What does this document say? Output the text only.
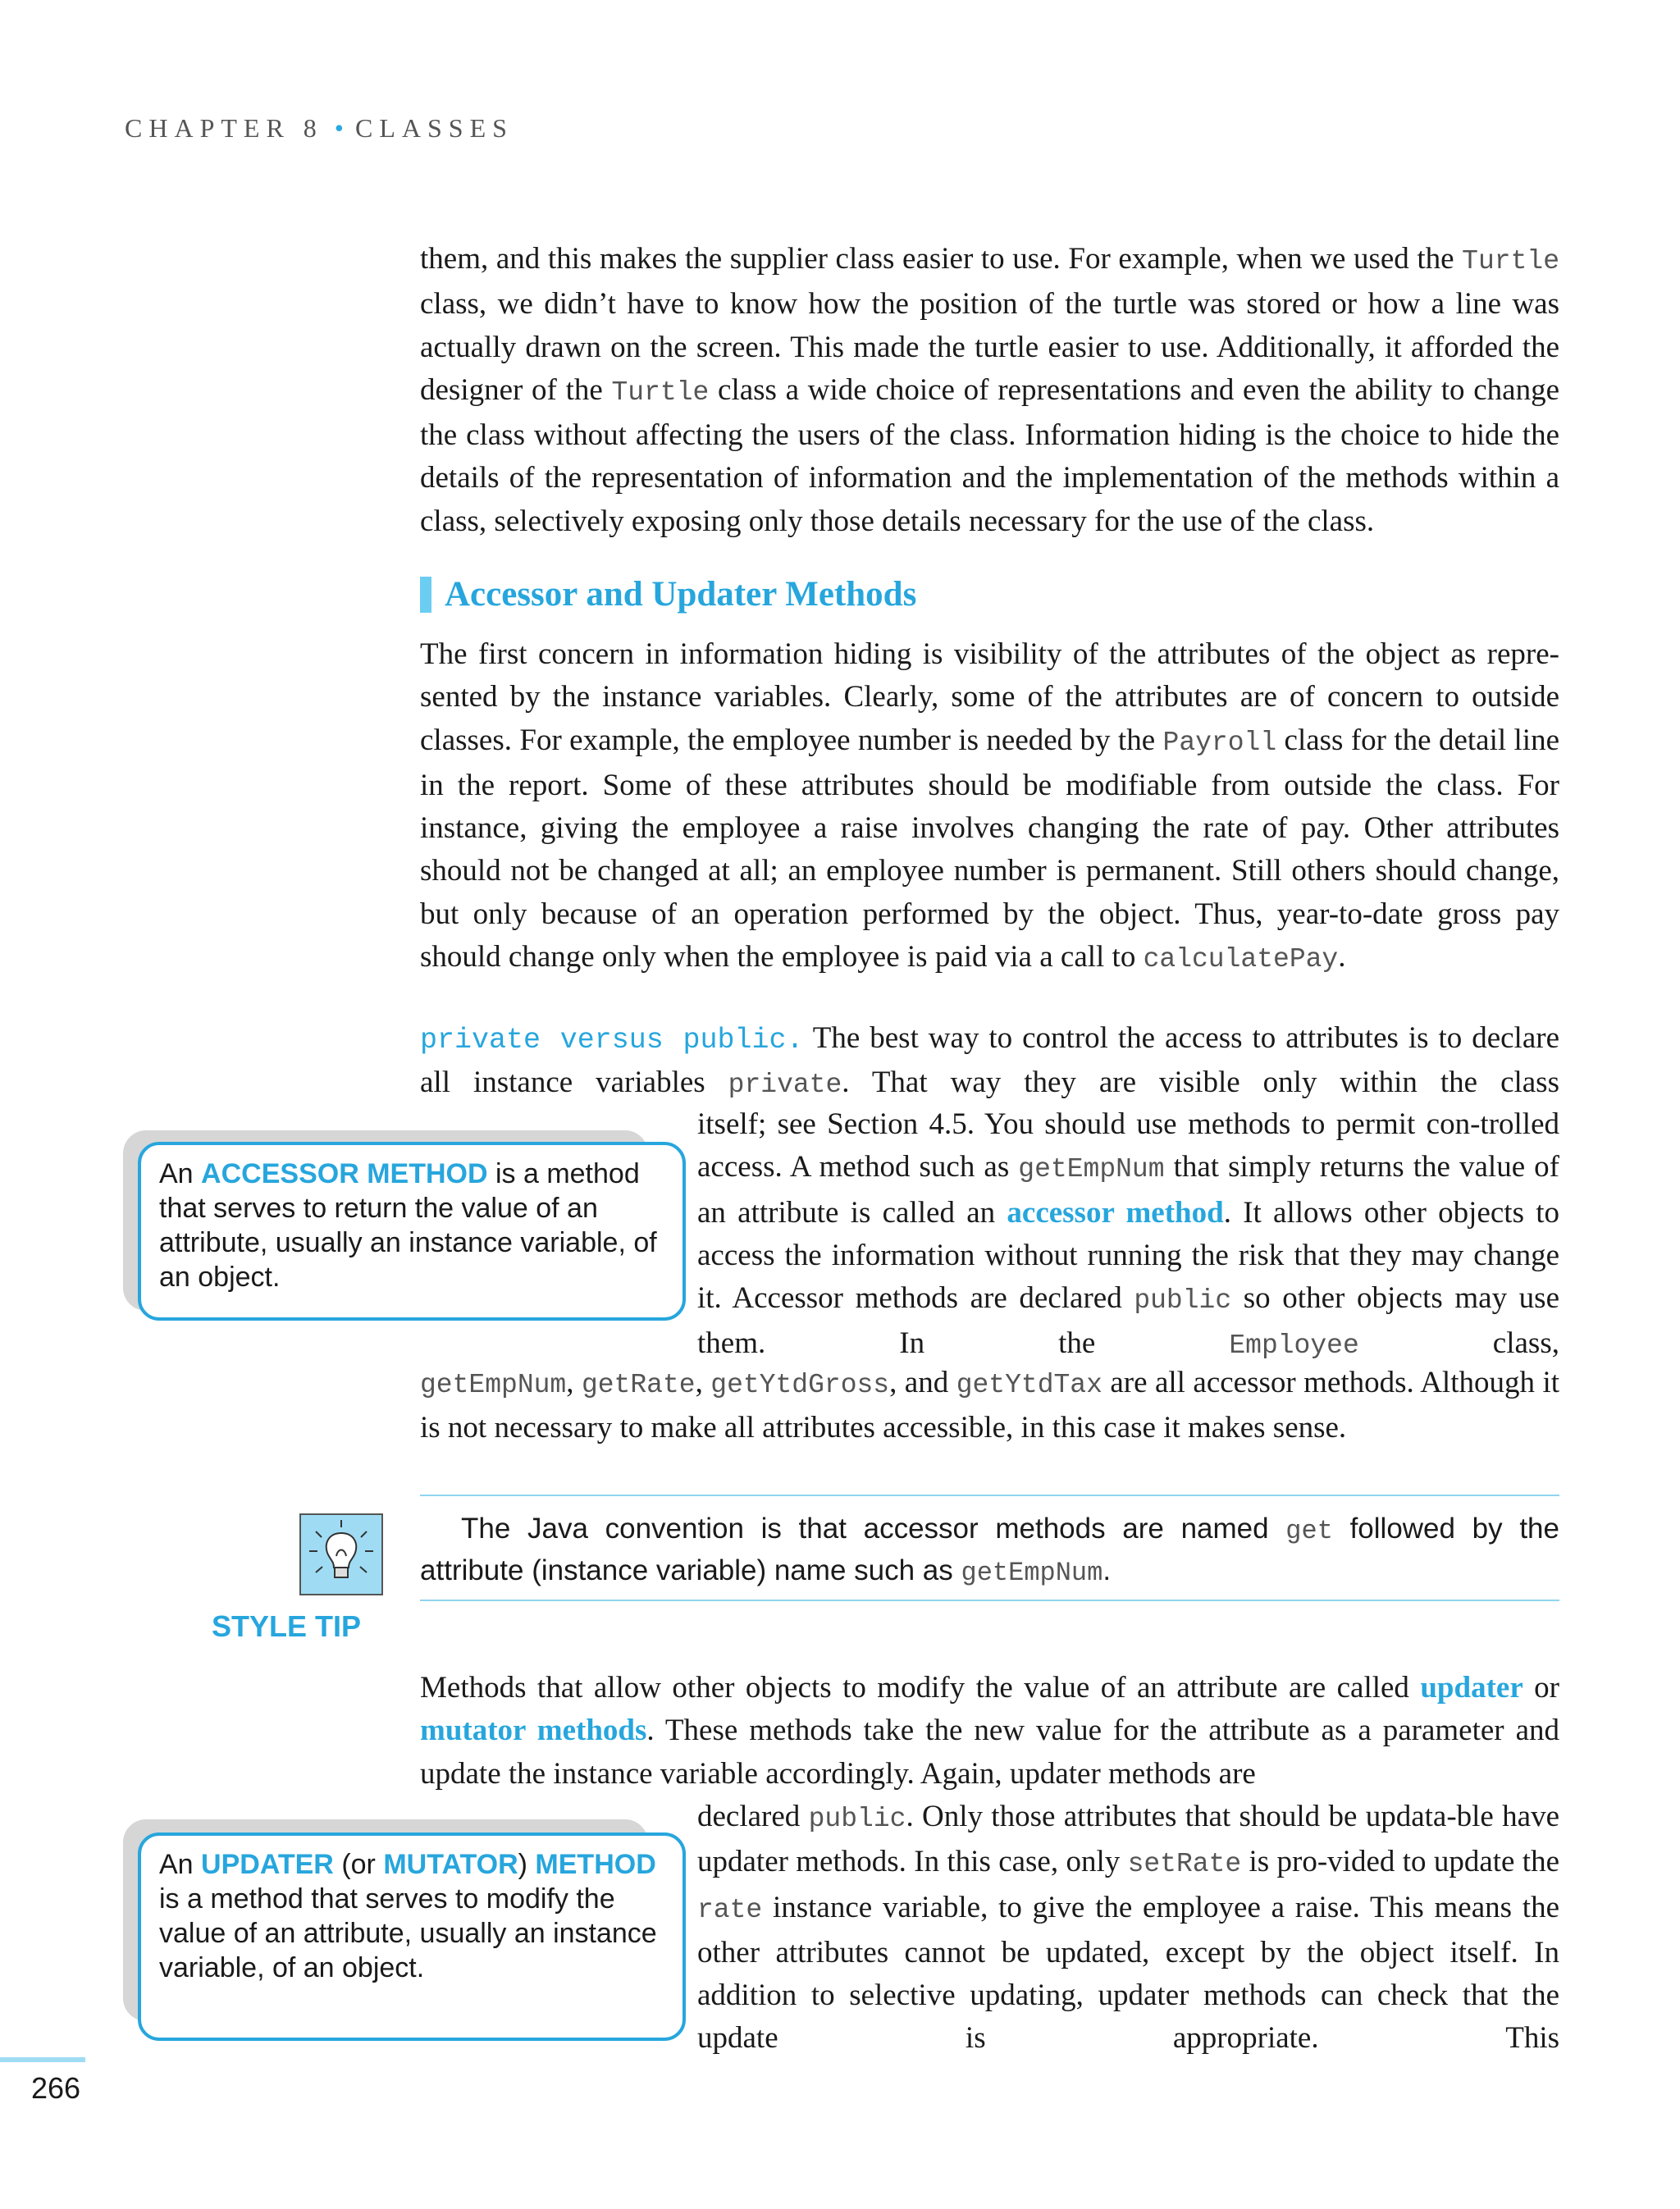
CHAPTER 8 • CLASSES

them, and this makes the supplier class easier to use. For example, when we used the Turtle class, we didn’t have to know how the position of the turtle was stored or how a line was actually drawn on the screen. This made the turtle easier to use. Additionally, it afforded the designer of the Turtle class a wide choice of representations and even the ability to change the class without affecting the users of the class. Information hiding is the choice to hide the details of the representation of information and the implementation of the methods within a class, selectively exposing only those details necessary for the use of the class.

Accessor and Updater Methods

The first concern in information hiding is visibility of the attributes of the object as repre-sented by the instance variables. Clearly, some of the attributes are of concern to outside classes. For example, the employee number is needed by the Payroll class for the detail line in the report. Some of these attributes should be modifiable from outside the class. For instance, giving the employee a raise involves changing the rate of pay. Other attributes should not be changed at all; an employee number is permanent. Still others should change, but only because of an operation performed by the object. Thus, year-to-date gross pay should change only when the employee is paid via a call to calculatePay.

private versus public. The best way to control the access to attributes is to declare all instance variables private. That way they are visible only within the class

itself; see Section 4.5. You should use methods to permit con-trolled access. A method such as getEmpNum that simply returns the value of an attribute is called an accessor method. It allows other objects to access the information without running the risk that they may change it. Accessor methods are declared public so other objects may use them. In the Employee class,

getEmpNum, getRate, getYtdGross, and getYtdTax are all accessor methods. Although it is not necessary to make all attributes accessible, in this case it makes sense.

An ACCESSOR METHOD is a method that serves to return the value of an attribute, usually an instance variable, of an object.
STYLE TIP
The Java convention is that accessor methods are named get followed by the attribute (instance variable) name such as getEmpNum.

Methods that allow other objects to modify the value of an attribute are called updater or mutator methods. These methods take the new value for the attribute as a parameter and update the instance variable accordingly. Again, updater methods are

declared public. Only those attributes that should be updata-ble have updater methods. In this case, only setRate is pro-vided to update the rate instance variable, to give the employee a raise. This means the other attributes cannot be updated, except by the object itself. In addition to selective updating, updater methods can check that the update is appropriate. This

An UPDATER (or MUTATOR) METHOD is a method that serves to modify the value of an attribute, usually an instance variable, of an object.
266
